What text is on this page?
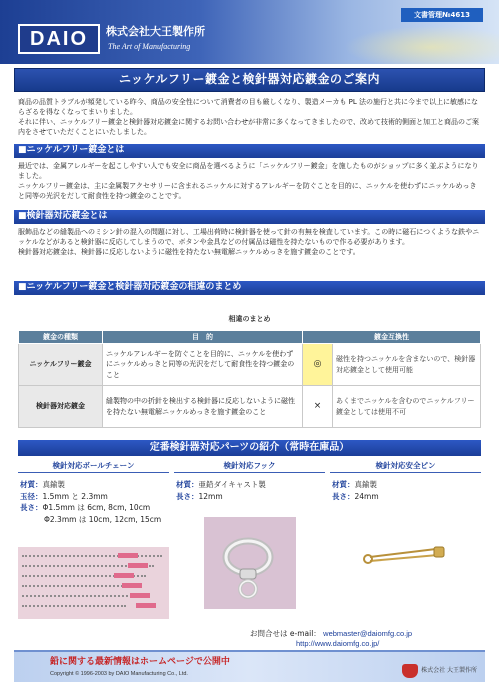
DAIO 株式会社大王製作所
The Art of Manufacturing
文書管理№4613
ニッケルフリー鍍金と検針器対応鍍金のご案内

商品の品質トラブルが頻発している昨今、商品の安全性について消費者の目も厳しくなり、製造メーカも PL 法の施行と共に今まで以上に敏感にならざるを得なくなってまいりました。

それに伴い、ニッケルフリー鍍金と検針器対応鍍金に関するお問い合わせが非常に多くなってきましたので、改めて技術的側面と加工と商品のご案内をさせていただくことにいたしました。

■ニッケルフリー鍍金とは

最近では、金属アレルギーを起こしやすい人でも安全に商品を選べるように「ニッケルフリー鍍金」を施したものがショップに多く並ぶようになりました。

ニッケルフリー鍍金は、主に金属製アクセサリーに含まれるニッケルに対するアレルギーを防ぐことを目的に、ニッケルを使わずにニッケルめっきと同等の光沢をだして耐食性を持つ鍍金のことです。

■検針器対応鍍金とは

服飾品などの縫製品へのミシン針の混入の問題に対し、工場出荷時に検針器を使って針の有無を検査しています。この時に磁石につくような鉄やニッケルなどがあると検針器に反応してしまうので、ボタンや金具などの付属品は磁性を持たないもので作る必要があります。

検針器対応鍍金は、検針器に反応しないように磁性を持たない無電解ニッケルめっきを施す鍍金のことです。

■ニッケルフリー鍍金と検針器対応鍍金の相違のまとめ
相違のまとめ
鍍金の種類	目　的	鍍金互換性	
ニッケルフリー鍍金	ニッケルアレルギーを防ぐことを目的に、ニッケルを使わずにニッケルめっきと同等の光沢をだして耐食性を持つ鍍金のこと	◎	磁性を持つニッケルを含まないので、検針器対応鍍金として使用可能
検針器対応鍍金	縫製物の中の折針を検出する検針器に反応しないように磁性を持たない無電解ニッケルめっきを施す鍍金のこと	×	あくまでニッケルを含むのでニッケルフリー鍍金としては使用不可
定番検針器対応パーツの紹介（常時在庫品）
検針対応ボールチェーン
材質：真鍮製
玉径：1.5mm と 2.3mm
長さ：Φ1.5mm は 6cm, 8cm, 10cm
Φ2.3mm は 10cm, 12cm, 15cm
検針対応フック
材質：亜鉛ダイキャスト製
長さ：12mm
検針対応安全ピン
材質：真鍮製
長さ：24mm
お問合せは e-mail： webmaster@daiomfg.co.jp
http://www.daiomfg.co.jp/
鉛に関する最新情報はホームページで公開中
Copyright © 1996-2003 by DAIO Manufacturing Co., Ltd.
株式会社 大王製作所
